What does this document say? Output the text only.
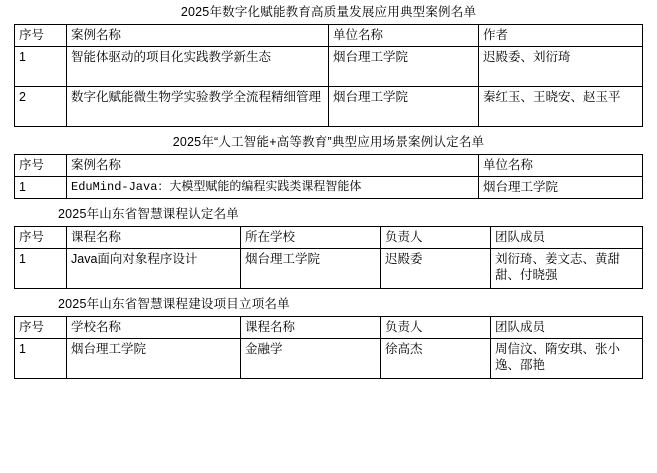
2025年数字化赋能教育高质量发展应用典型案例名单
序号	案例名称	单位名称	作者
1	智能体驱动的项目化实践教学新生态	烟台理工学院	迟殿委、刘衍琦
2	数字化赋能微生物学实验教学全流程精细管理	烟台理工学院	秦红玉、王晓安、赵玉平
2025年“人工智能+高等教育”典型应用场景案例认定名单
序号	案例名称	单位名称
1	EduMind-Java：大模型赋能的编程实践类课程智能体	烟台理工学院
2025年山东省智慧课程认定名单
序号	课程名称	所在学校	负责人	团队成员
1	Java面向对象程序设计	烟台理工学院	迟殿委	刘衍琦、姜文志、黄甜甜、付晓强
2025年山东省智慧课程建设项目立项名单
序号	学校名称	课程名称	负责人	团队成员
1	烟台理工学院	金融学	徐高杰	周信汶、隋安琪、张小逸、邵艳
